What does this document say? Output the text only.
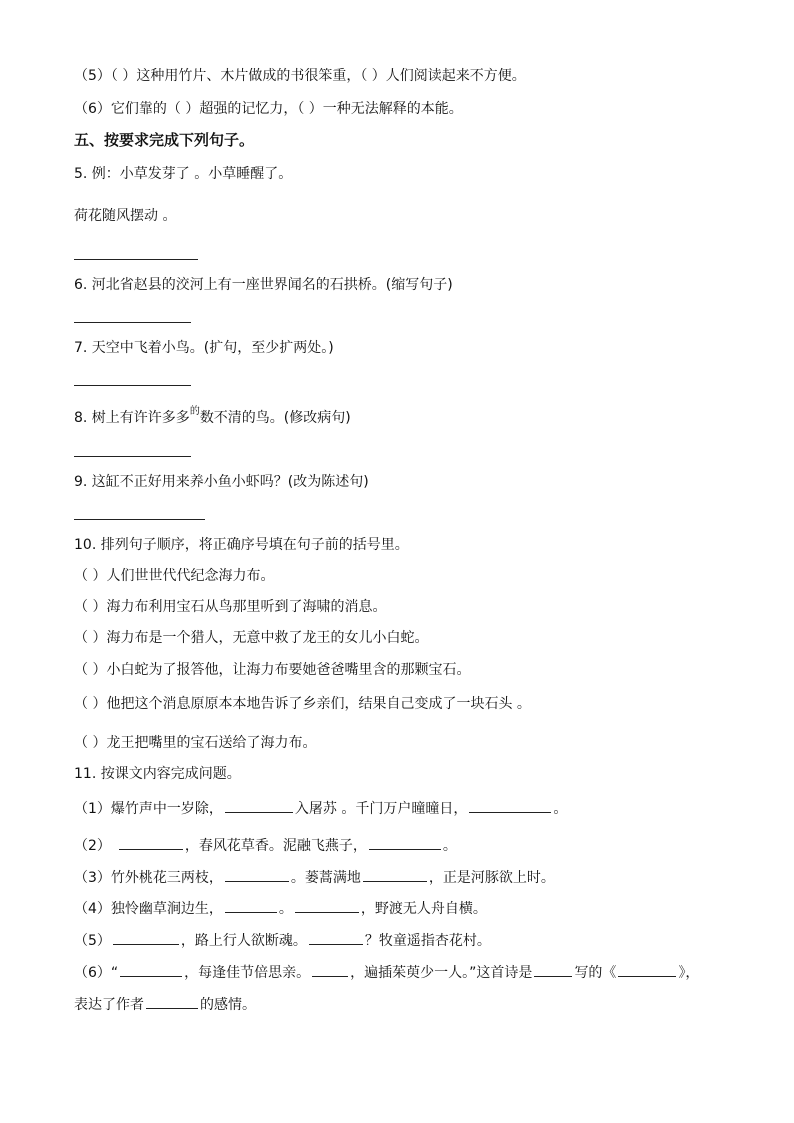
（5）（ ）这种用竹片、木片做成的书很笨重，（ ）人们阅读起来不方便。
（6）它们靠的（ ）超强的记忆力，（ ）一种无法解释的本能。
五、按要求完成下列句子。
5. 例：小草发芽了 。小草睡醒了。
荷花随风摆动 。
6. 河北省赵县的洨河上有一座世界闻名的石拱桥。(缩写句子)
7. 天空中飞着小鸟。(扩句，至少扩两处。)
8. 树上有许许多多$^的$数不清的鸟。(修改病句)
9. 这缸不正好用来养小鱼小虾吗？(改为陈述句)
10. 排列句子顺序，将正确序号填在句子前的括号里。
（ ）人们世世代代纪念海力布。
（ ）海力布利用宝石从鸟那里听到了海啸的消息。
（ ）海力布是一个猎人，无意中救了龙王的女儿小白蛇。
（ ）小白蛇为了报答他，让海力布要她爸爸嘴里含的那颗宝石。
（ ）他把这个消息原原本本地告诉了乡亲们，结果自己变成了一块石头 。
（ ）龙王把嘴里的宝石送给了海力布。
11. 按课文内容完成问题。
（1）爆竹声中一岁除，	入屠苏 。千门万户曈曈日，	。
（2）	，春风花草香。泥融飞燕子，	。
（3）竹外桃花三两枝，	。蒌蒿满地	，正是河豚欲上时。
（4）独怜幽草涧边生，	。	，野渡无人舟自横。
（5）	，路上行人欲断魂。	？牧童遥指杏花村。
（6）“	，每逢佳节倍思亲。	，遍插茱萸少一人。”这首诗是	写的《	》，
表达了作者	的感情。
